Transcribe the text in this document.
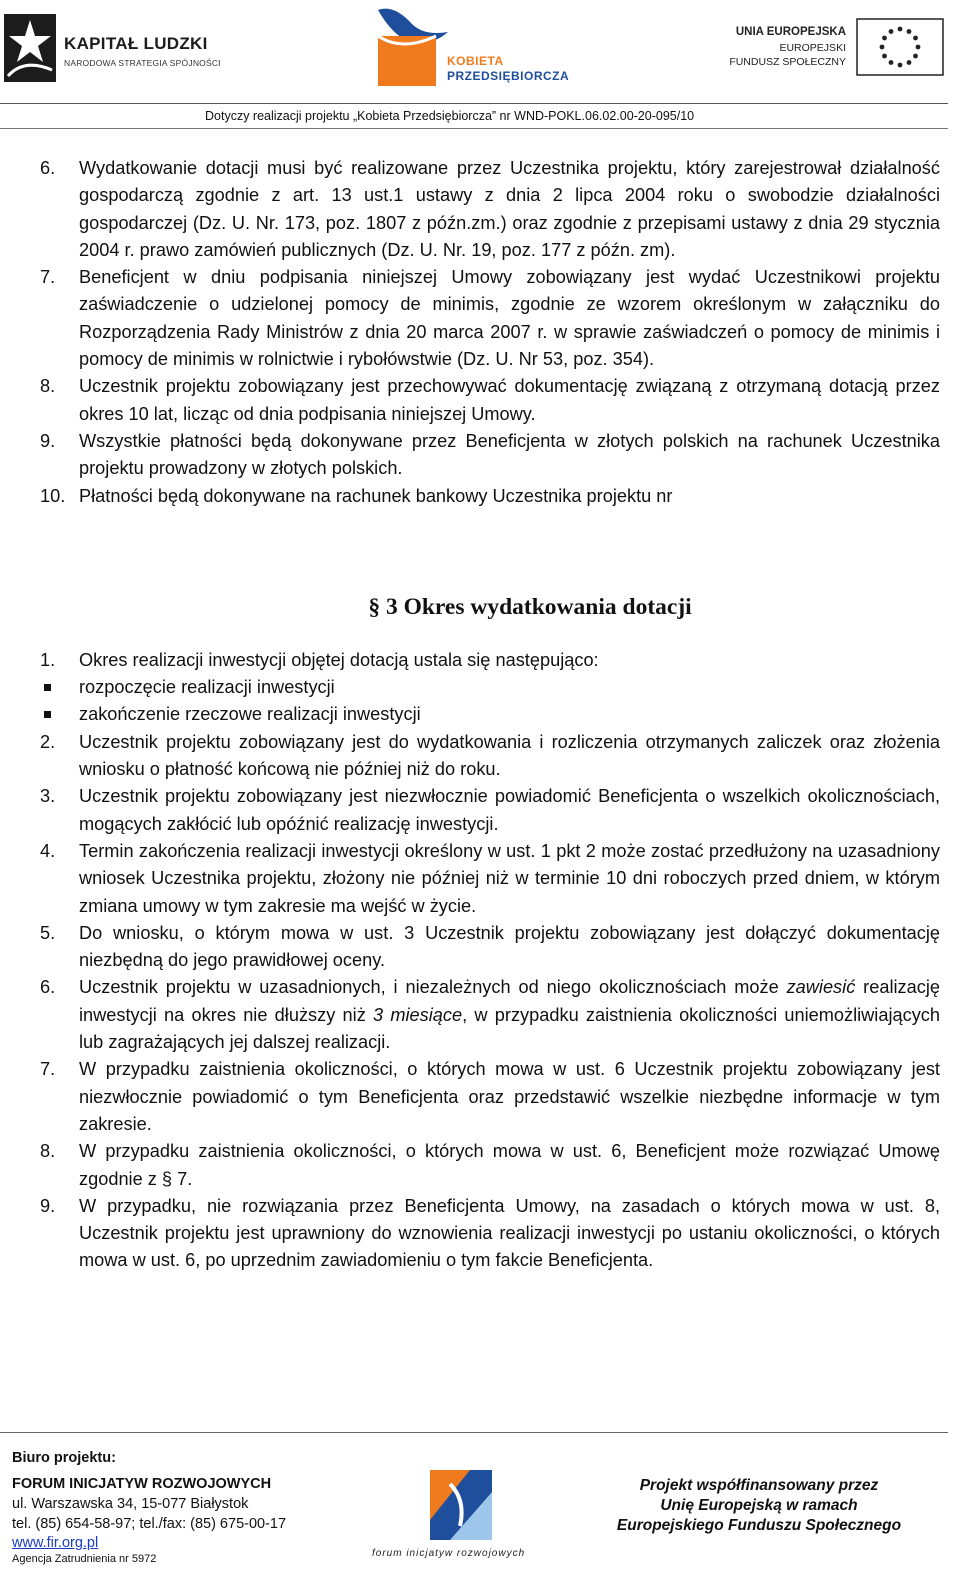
KAPITAŁ LUDZKI
NARODOWA STRATEGIA SPÓJNOŚCI	KOBIETA
PRZEDSIĘBIORCZA
UNIA EUROPEJSKA
EUROPEJSKI
FUNDUSZ SPOŁECZNY
Dotyczy realizacji projektu „Kobieta Przedsiębiorcza” nr WND-POKL.06.02.00-20-095/10

6. Wydatkowanie dotacji musi być realizowane przez Uczestnika projektu, który zarejestrował działalność gospodarczą zgodnie z art. 13 ust.1 ustawy z dnia 2 lipca 2004 roku o swobodzie działalności gospodarczej (Dz. U. Nr. 173, poz. 1807 z późn.zm.) oraz zgodnie z przepisami ustawy z dnia 29 stycznia 2004 r. prawo zamówień publicznych (Dz. U. Nr. 19, poz. 177 z późn. zm).

7. Beneficjent w dniu podpisania niniejszej Umowy zobowiązany jest wydać Uczestnikowi projektu zaświadczenie o udzielonej pomocy de minimis, zgodnie ze wzorem określonym w załączniku do Rozporządzenia Rady Ministrów z dnia 20 marca 2007 r. w sprawie zaświadczeń o pomocy de minimis i pomocy de minimis w rolnictwie i rybołówstwie (Dz. U. Nr 53, poz. 354).

8. Uczestnik projektu zobowiązany jest przechowywać dokumentację związaną z otrzymaną dotacją przez okres 10 lat, licząc od dnia podpisania niniejszej Umowy.

9. Wszystkie płatności będą dokonywane przez Beneficjenta w złotych polskich na rachunek Uczestnika projektu prowadzony w złotych polskich.

10. Płatności będą dokonywane na rachunek bankowy Uczestnika projektu nr

§ 3 Okres wydatkowania dotacji

1. Okres realizacji inwestycji objętej dotacją ustala się następująco:

rozpoczęcie realizacji inwestycji

zakończenie rzeczowe realizacji inwestycji

2. Uczestnik projektu zobowiązany jest do wydatkowania i rozliczenia otrzymanych zaliczek oraz złożenia wniosku o płatność końcową nie później niż do roku.

3. Uczestnik projektu zobowiązany jest niezwłocznie powiadomić Beneficjenta o wszelkich okolicznościach, mogących zakłócić lub opóźnić realizację inwestycji.

4. Termin zakończenia realizacji inwestycji określony w ust. 1 pkt 2 może zostać przedłużony na uzasadniony wniosek Uczestnika projektu, złożony nie później niż w terminie 10 dni roboczych przed dniem, w którym zmiana umowy w tym zakresie ma wejść w życie.

5. Do wniosku, o którym mowa w ust. 3 Uczestnik projektu zobowiązany jest dołączyć dokumentację niezbędną do jego prawidłowej oceny.

6. Uczestnik projektu w uzasadnionych, i niezależnych od niego okolicznościach może zawiesić realizację inwestycji na okres nie dłuższy niż 3 miesiące, w przypadku zaistnienia okoliczności uniemożliwiających lub zagrażających jej dalszej realizacji.

7. W przypadku zaistnienia okoliczności, o których mowa w ust. 6 Uczestnik projektu zobowiązany jest niezwłocznie powiadomić o tym Beneficjenta oraz przedstawić wszelkie niezbędne informacje w tym zakresie.

8. W przypadku zaistnienia okoliczności, o których mowa w ust. 6, Beneficjent może rozwiązać Umowę zgodnie z § 7.

9. W przypadku, nie rozwiązania przez Beneficjenta Umowy, na zasadach o których mowa w ust. 8, Uczestnik projektu jest uprawniony do wznowienia realizacji inwestycji po ustaniu okoliczności, o których mowa w ust. 6, po uprzednim zawiadomieniu o tym fakcie Beneficjenta.

Biuro projektu:
FORUM INICJATYW ROZWOJOWYCH
ul. Warszawska 34, 15-077 Białystok
tel. (85) 654-58-97; tel./fax: (85) 675-00-17
www.fir.org.pl
Agencja Zatrudnienia nr 5972	forum inicjatyw rozwojowych
Projekt współfinansowany przez
Unię Europejską w ramach
Europejskiego Funduszu Społecznego
